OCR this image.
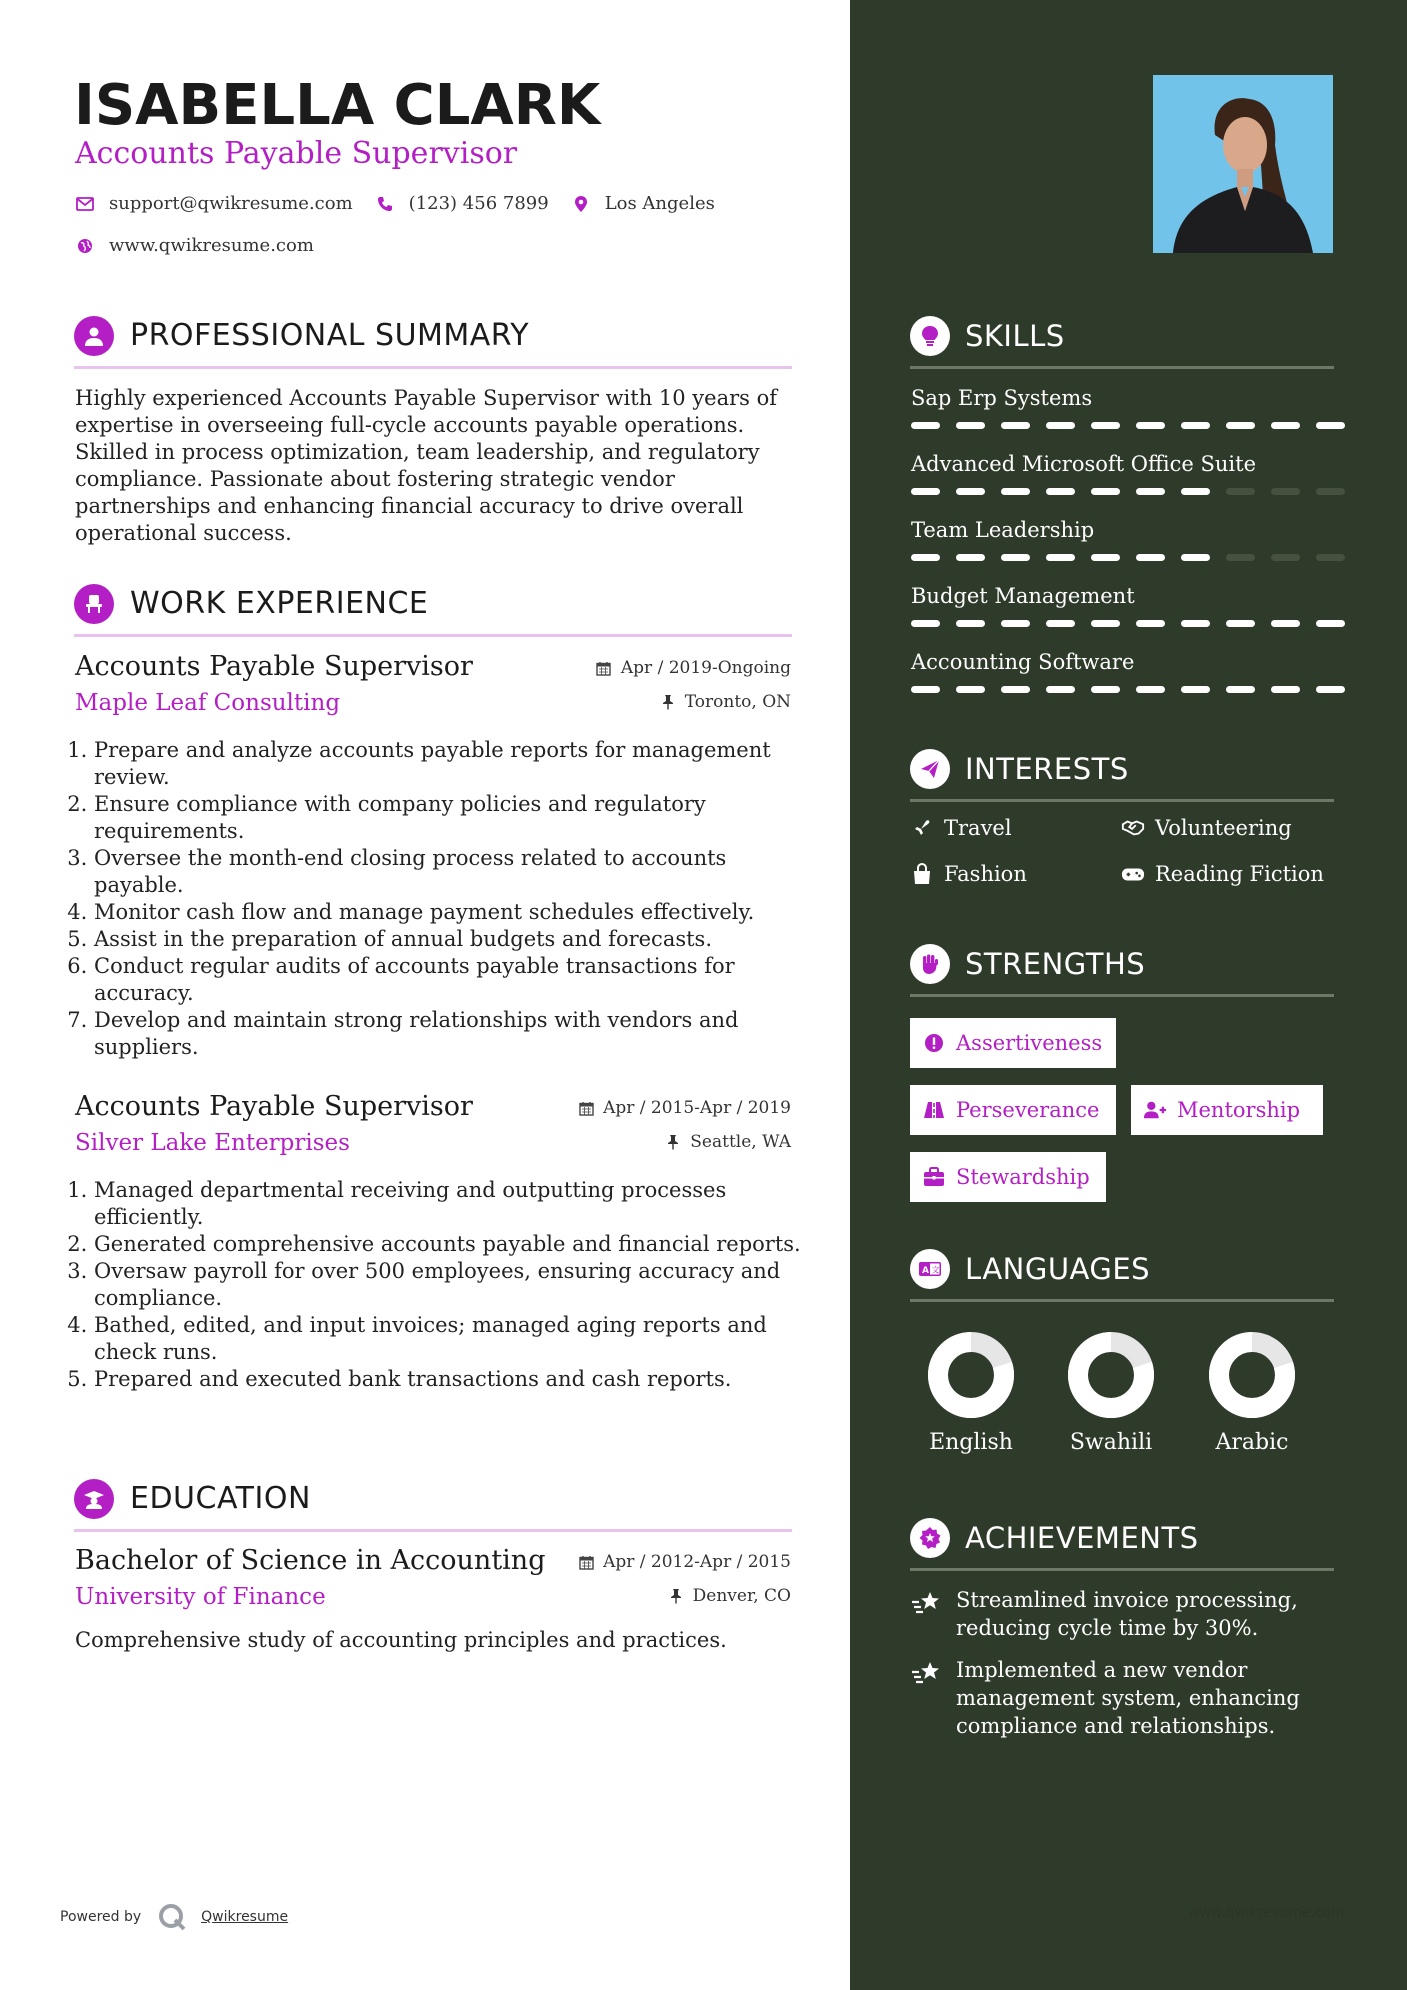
ISABELLA CLARK
Accounts Payable Supervisor
support@qwikresume.com	(123) 456 7899	Los Angeles
www.qwikresume.com
PROFESSIONAL SUMMARY

Highly experienced Accounts Payable Supervisor with 10 years of expertise in overseeing full-cycle accounts payable operations. Skilled in process optimization, team leadership, and regulatory compliance. Passionate about fostering strategic vendor partnerships and enhancing financial accuracy to drive overall operational success.

WORK EXPERIENCE
Accounts Payable Supervisor
Maple Leaf Consulting
Apr / 2019-Ongoing
Toronto, ON
1. Prepare and analyze accounts payable reports for management review.
2. Ensure compliance with company policies and regulatory requirements.
3. Oversee the month-end closing process related to accounts payable.
4. Monitor cash flow and manage payment schedules effectively.
5. Assist in the preparation of annual budgets and forecasts.
6. Conduct regular audits of accounts payable transactions for accuracy.
7. Develop and maintain strong relationships with vendors and suppliers.
Accounts Payable Supervisor
Silver Lake Enterprises
Apr / 2015-Apr / 2019
Seattle, WA
1. Managed departmental receiving and outputting processes efficiently.
2. Generated comprehensive accounts payable and financial reports.
3. Oversaw payroll for over 500 employees, ensuring accuracy and compliance.
4. Bathed, edited, and input invoices; managed aging reports and check runs.
5. Prepared and executed bank transactions and cash reports.
EDUCATION
Bachelor of Science in Accounting
University of Finance
Apr / 2012-Apr / 2015
Denver, CO

Comprehensive study of accounting principles and practices.

Powered by	Qwikresume
SKILLS
Sap Erp Systems
Advanced Microsoft Office Suite
Team Leadership
Budget Management
Accounting Software
INTERESTS
Travel	Volunteering
Fashion	Reading Fiction
STRENGTHS
Assertiveness
Perseverance	Mentorship
Stewardship
A 文 LANGUAGES
English	Swahili	Arabic
ACHIEVEMENTS
Streamlined invoice processing, reducing cycle time by 30%.
Implemented a new vendor management system, enhancing compliance and relationships.
www.qwikresume.com
